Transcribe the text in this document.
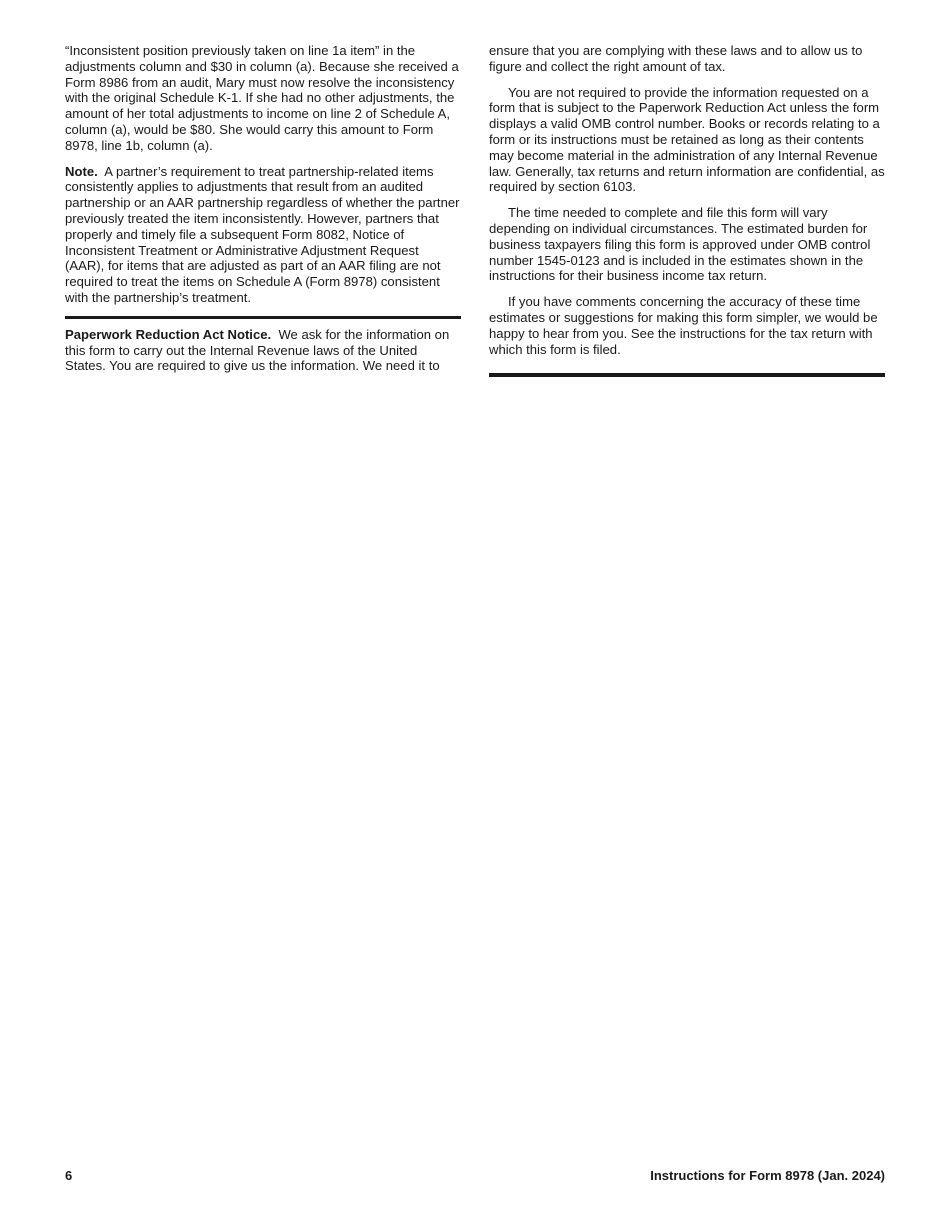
“Inconsistent position previously taken on line 1a item” in the adjustments column and $30 in column (a). Because she received a Form 8986 from an audit, Mary must now resolve the inconsistency with the original Schedule K-1. If she had no other adjustments, the amount of her total adjustments to income on line 2 of Schedule A, column (a), would be $80. She would carry this amount to Form 8978, line 1b, column (a).

Note. A partner’s requirement to treat partnership-related items consistently applies to adjustments that result from an audited partnership or an AAR partnership regardless of whether the partner previously treated the item inconsistently. However, partners that properly and timely file a subsequent Form 8082, Notice of Inconsistent Treatment or Administrative Adjustment Request (AAR), for items that are adjusted as part of an AAR filing are not required to treat the items on Schedule A (Form 8978) consistent with the partnership’s treatment.

Paperwork Reduction Act Notice. We ask for the information on this form to carry out the Internal Revenue laws of the United States. You are required to give us the information. We need it to

ensure that you are complying with these laws and to allow us to figure and collect the right amount of tax.

You are not required to provide the information requested on a form that is subject to the Paperwork Reduction Act unless the form displays a valid OMB control number. Books or records relating to a form or its instructions must be retained as long as their contents may become material in the administration of any Internal Revenue law. Generally, tax returns and return information are confidential, as required by section 6103.

The time needed to complete and file this form will vary depending on individual circumstances. The estimated burden for business taxpayers filing this form is approved under OMB control number 1545-0123 and is included in the estimates shown in the instructions for their business income tax return.

If you have comments concerning the accuracy of these time estimates or suggestions for making this form simpler, we would be happy to hear from you. See the instructions for the tax return with which this form is filed.

6	Instructions for Form 8978 (Jan. 2024)
